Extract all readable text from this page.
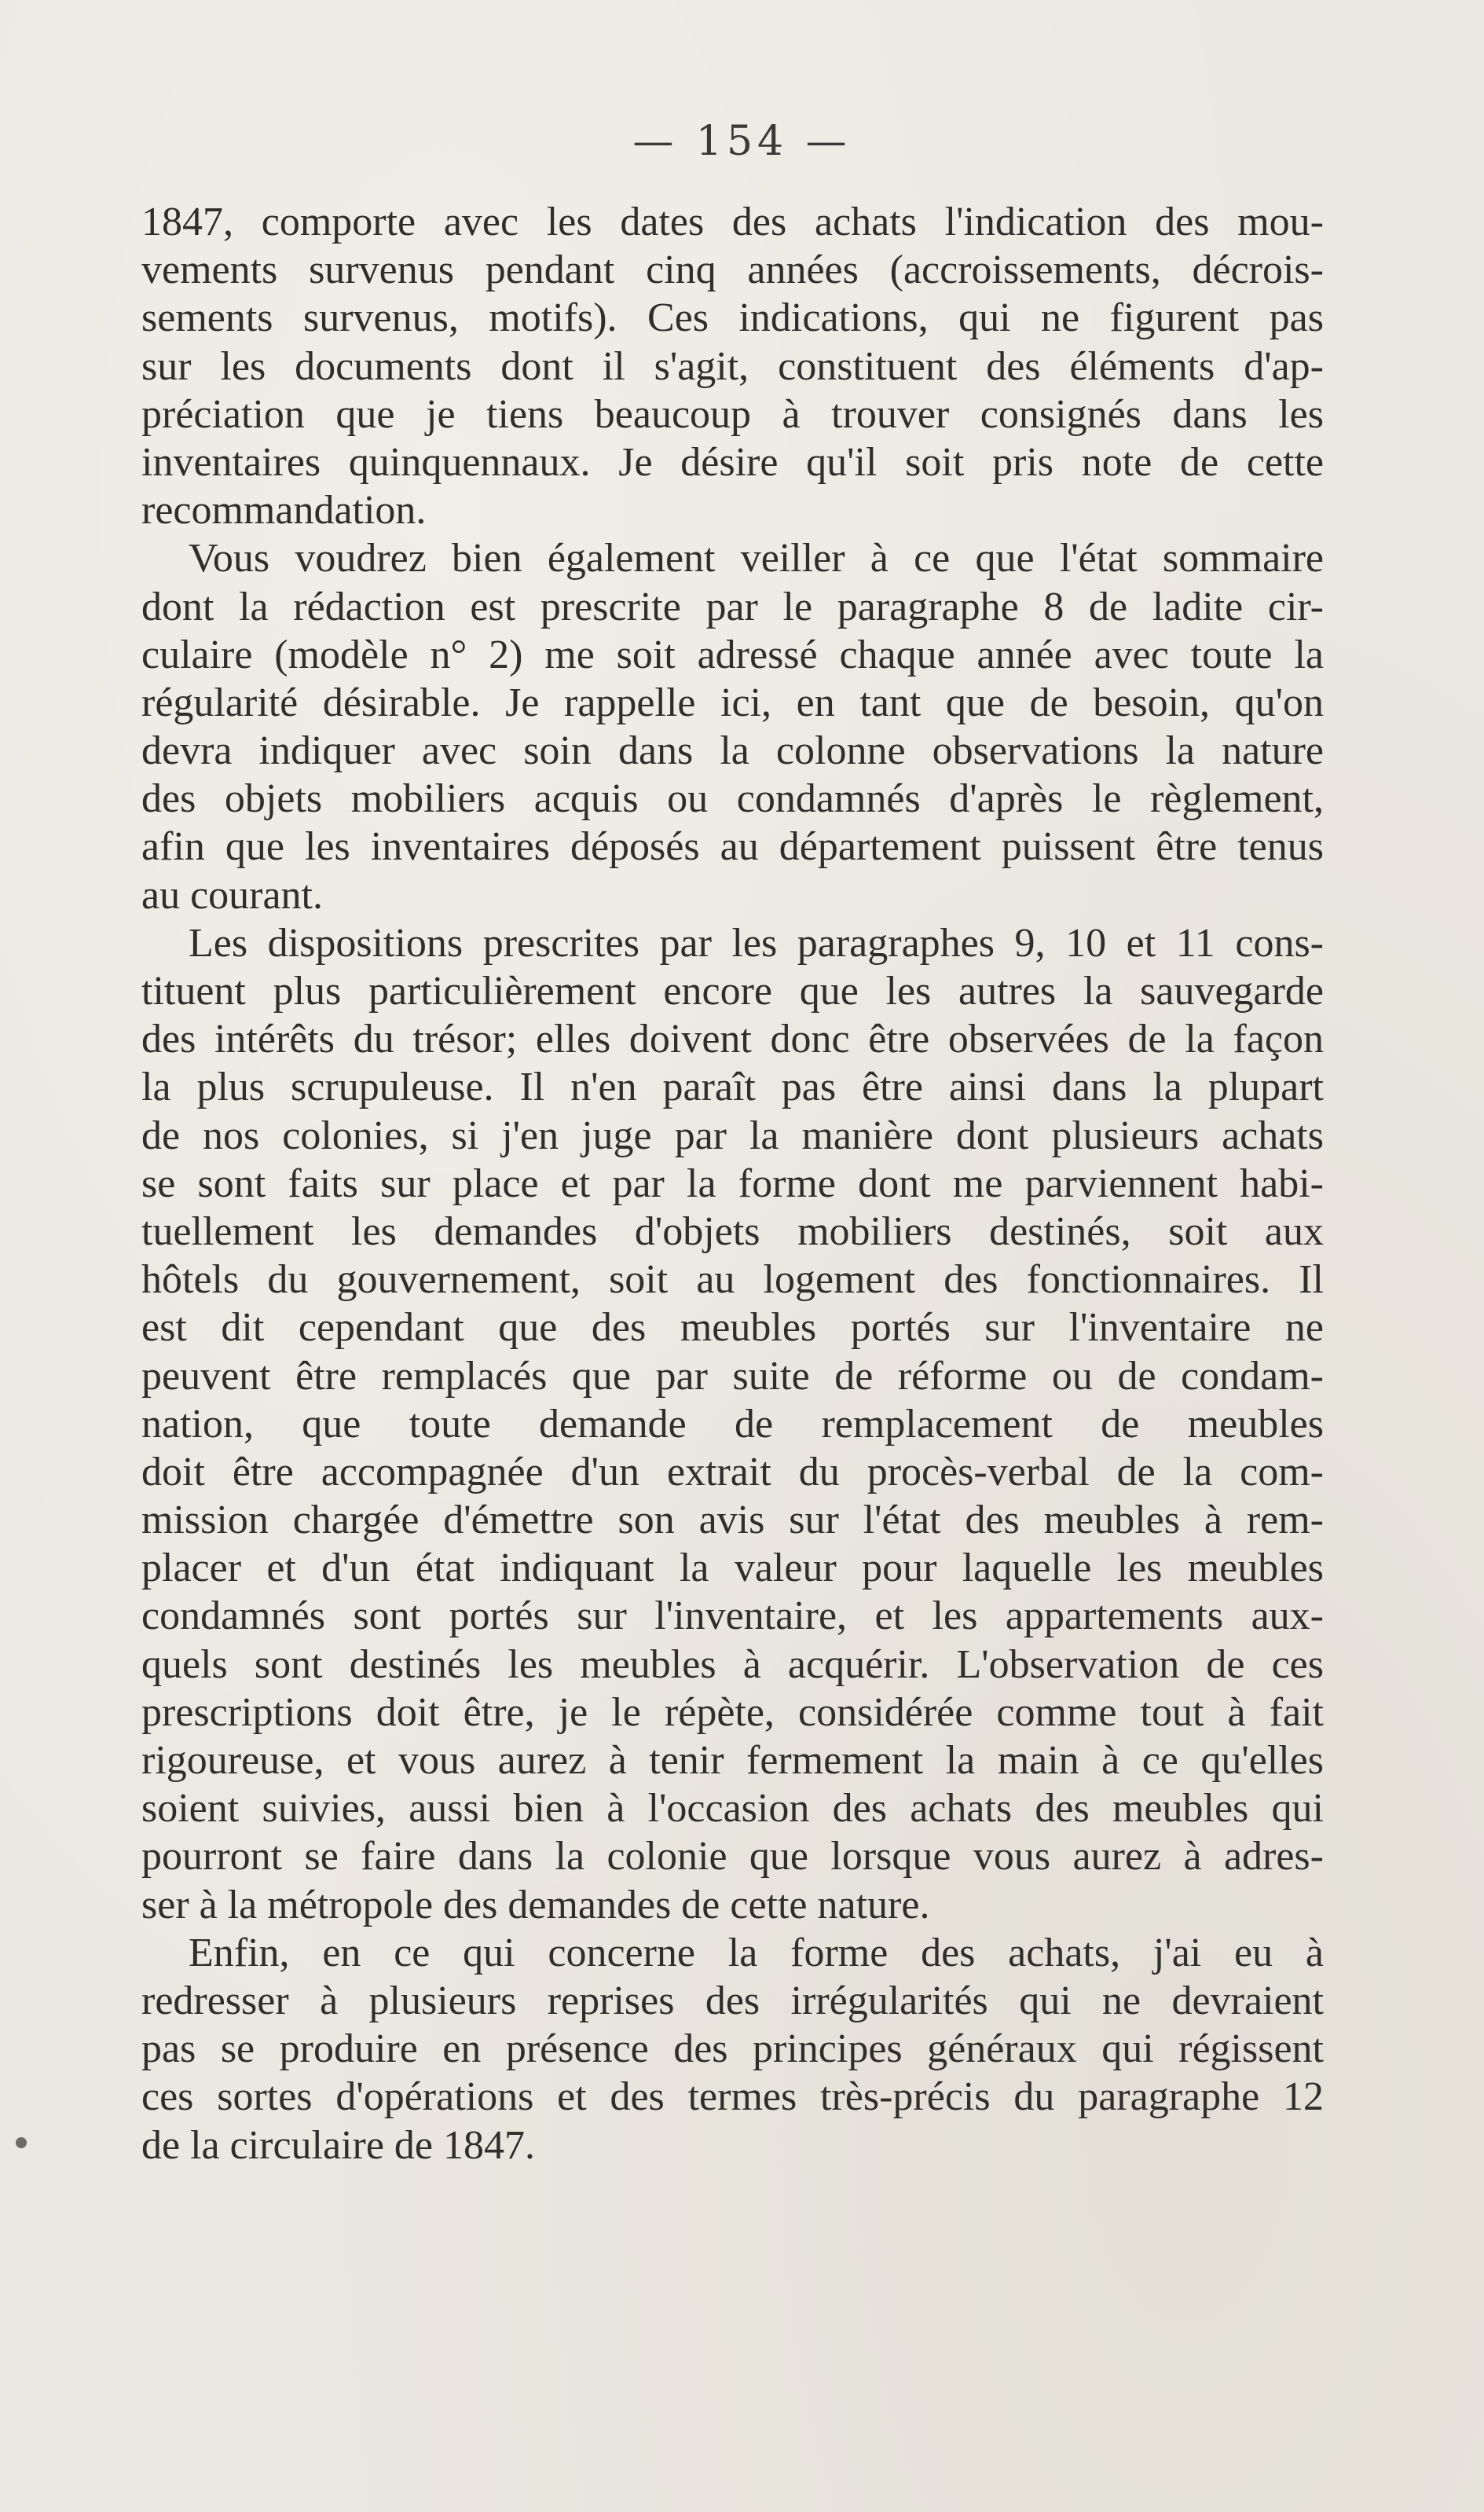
— 154 —
1847, comporte avec les dates des achats l'indication des mou-
vements survenus pendant cinq années (accroissements, décrois-
sements survenus, motifs). Ces indications, qui ne figurent pas
sur les documents dont il s'agit, constituent des éléments d'ap-
préciation que je tiens beaucoup à trouver consignés dans les
inventaires quinquennaux. Je désire qu'il soit pris note de cette
recommandation.
Vous voudrez bien également veiller à ce que l'état sommaire
dont la rédaction est prescrite par le paragraphe 8 de ladite cir-
culaire (modèle n° 2) me soit adressé chaque année avec toute la
régularité désirable. Je rappelle ici, en tant que de besoin, qu'on
devra indiquer avec soin dans la colonne observations la nature
des objets mobiliers acquis ou condamnés d'après le règlement,
afin que les inventaires déposés au département puissent être tenus
au courant.
Les dispositions prescrites par les paragraphes 9, 10 et 11 cons-
tituent plus particulièrement encore que les autres la sauvegarde
des intérêts du trésor; elles doivent donc être observées de la façon
la plus scrupuleuse. Il n'en paraît pas être ainsi dans la plupart
de nos colonies, si j'en juge par la manière dont plusieurs achats
se sont faits sur place et par la forme dont me parviennent habi-
tuellement les demandes d'objets mobiliers destinés, soit aux
hôtels du gouvernement, soit au logement des fonctionnaires. Il
est dit cependant que des meubles portés sur l'inventaire ne
peuvent être remplacés que par suite de réforme ou de condam-
nation, que toute demande de remplacement de meubles
doit être accompagnée d'un extrait du procès-verbal de la com-
mission chargée d'émettre son avis sur l'état des meubles à rem-
placer et d'un état indiquant la valeur pour laquelle les meubles
condamnés sont portés sur l'inventaire, et les appartements aux-
quels sont destinés les meubles à acquérir. L'observation de ces
prescriptions doit être, je le répète, considérée comme tout à fait
rigoureuse, et vous aurez à tenir fermement la main à ce qu'elles
soient suivies, aussi bien à l'occasion des achats des meubles qui
pourront se faire dans la colonie que lorsque vous aurez à adres-
ser à la métropole des demandes de cette nature.
Enfin, en ce qui concerne la forme des achats, j'ai eu à
redresser à plusieurs reprises des irrégularités qui ne devraient
pas se produire en présence des principes généraux qui régissent
ces sortes d'opérations et des termes très-précis du paragraphe 12
de la circulaire de 1847.
